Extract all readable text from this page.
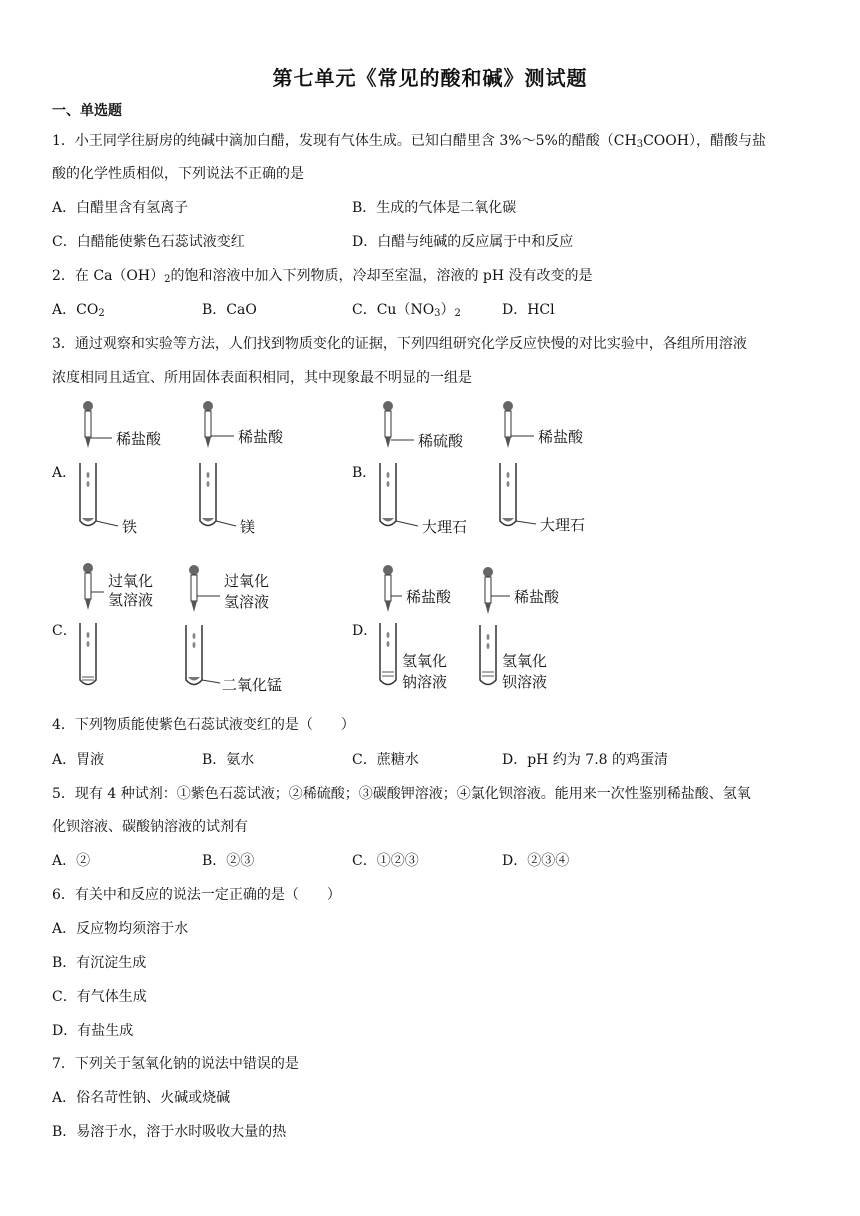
第七单元《常见的酸和碱》测试题
一、单选题
1．小王同学往厨房的纯碱中滴加白醋，发现有气体生成。已知白醋里含 3%～5%的醋酸$(CH_3COOH)$，醋酸与盐
酸的化学性质相似，下列说法不正确的是
A．白醋里含有氢离子	B．生成的气体是二氧化碳
C．白醋能使紫色石蕊试液变红	D．白醋与纯碱的反应属于中和反应
2．在 $Ca(OH)_2$的饱和溶液中加入下列物质，冷却至室温，溶液的 pH 没有改变的是
A．$CO_2$	B．CaO	C．$Cu(NO_3)_2$	D．HCl
3．通过观察和实验等方法，人们找到物质变化的证据，下列四组研究化学反应快慢的对比实验中，各组所用溶液
浓度相同且适宜、所用固体表面积相同，其中现象最不明显的一组是
A．	B．
C．	D．
稀盐酸
铁
稀盐酸
镁
稀硫酸
大理石
稀盐酸
大理石
过氧化
氢溶液
过氧化
氢溶液
二氧化锰
稀盐酸
氢氧化
钠溶液
稀盐酸
氢氧化
钡溶液
4．下列物质能使紫色石蕊试液变红的是（　　）
A．胃液	B．氨水	C．蔗糖水	D．pH 约为 7.8 的鸡蛋清
5．现有 4 种试剂：①紫色石蕊试液；②稀硫酸；③碳酸钾溶液；④氯化钡溶液。能用来一次性鉴别稀盐酸、氢氧
化钡溶液、碳酸钠溶液的试剂有
A．②	B．②③	C．①②③	D．②③④
6．有关中和反应的说法一定正确的是（　　）
A．反应物均须溶于水
B．有沉淀生成
C．有气体生成
D．有盐生成
7．下列关于氢氧化钠的说法中错误的是
A．俗名苛性钠、火碱或烧碱
B．易溶于水，溶于水时吸收大量的热
